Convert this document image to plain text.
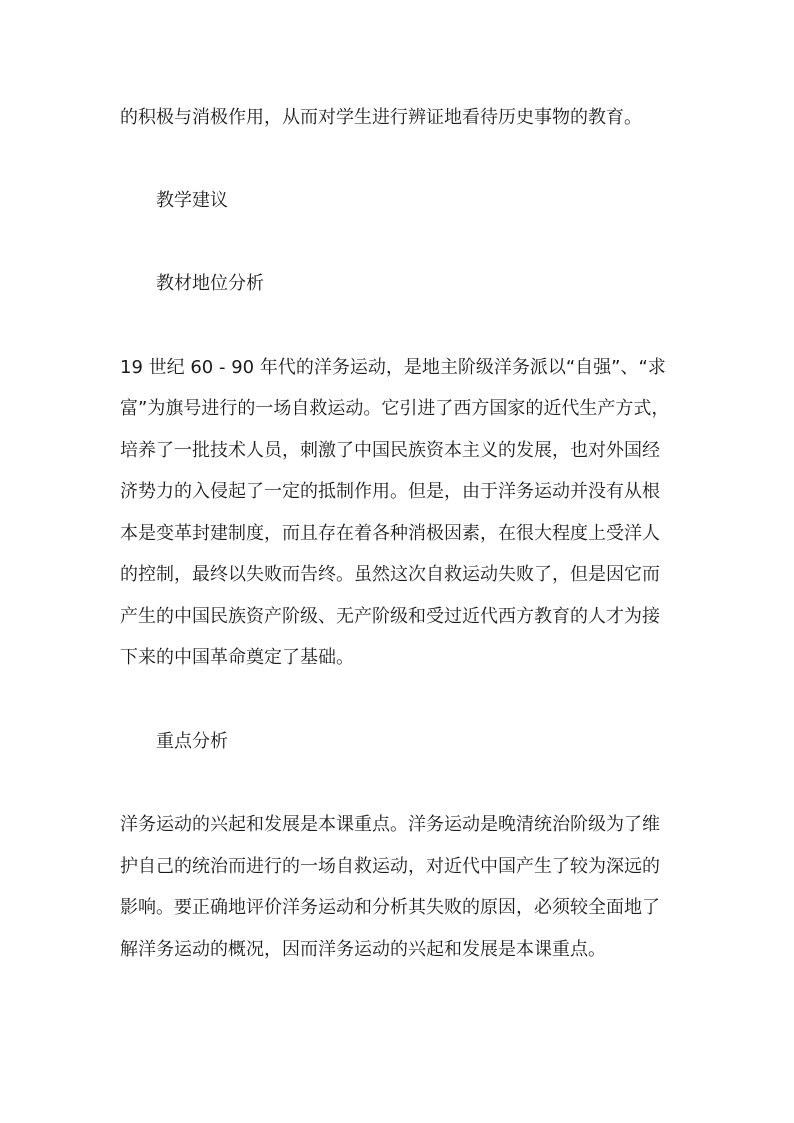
的积极与消极作用，从而对学生进行辨证地看待历史事物的教育。
教学建议
教材地位分析
19 世纪 60 - 90 年代的洋务运动，是地主阶级洋务派以“自强”、“求
富”为旗号进行的一场自救运动。它引进了西方国家的近代生产方式，
培养了一批技术人员，刺激了中国民族资本主义的发展，也对外国经
济势力的入侵起了一定的抵制作用。但是，由于洋务运动并没有从根
本是变革封建制度，而且存在着各种消极因素，在很大程度上受洋人
的控制，最终以失败而告终。虽然这次自救运动失败了，但是因它而
产生的中国民族资产阶级、无产阶级和受过近代西方教育的人才为接
下来的中国革命奠定了基础。
重点分析
洋务运动的兴起和发展是本课重点。洋务运动是晚清统治阶级为了维
护自己的统治而进行的一场自救运动，对近代中国产生了较为深远的
影响。要正确地评价洋务运动和分析其失败的原因，必须较全面地了
解洋务运动的概况，因而洋务运动的兴起和发展是本课重点。
